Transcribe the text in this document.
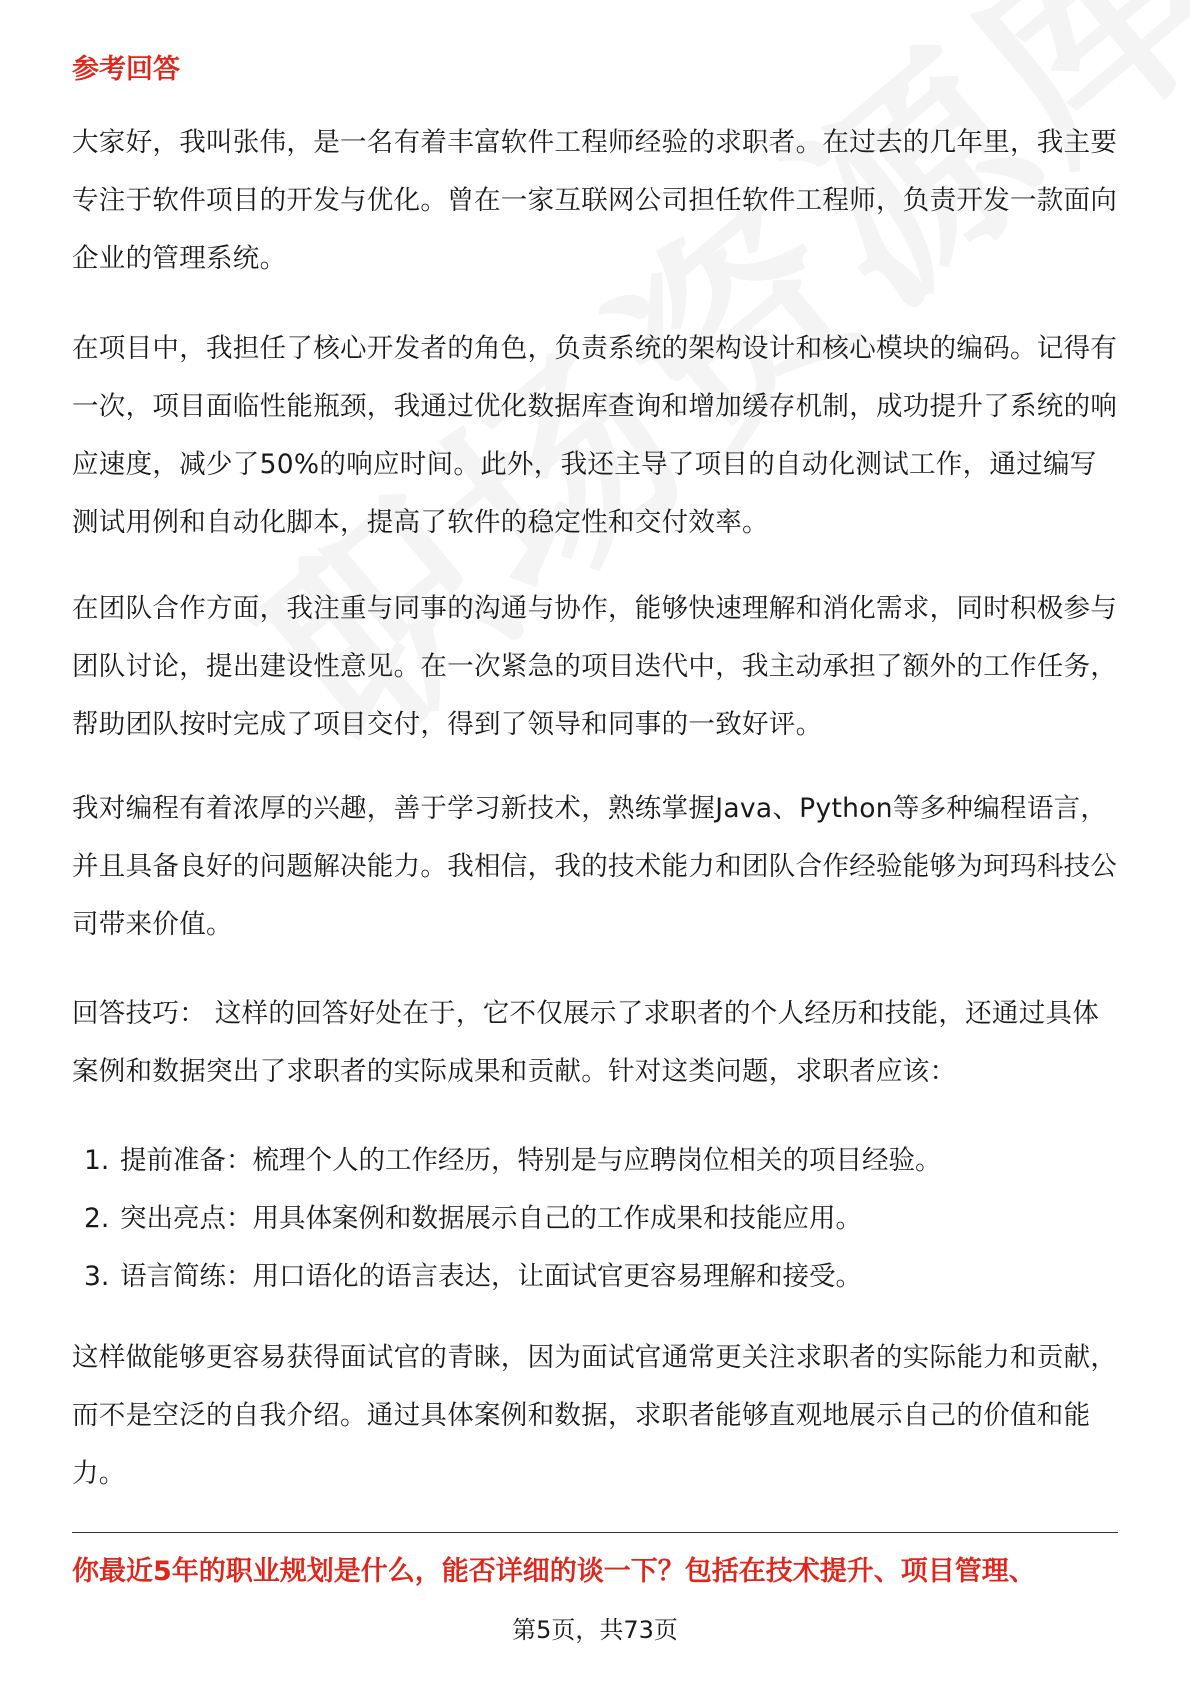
参考回答

大家好，我叫张伟，是一名有着丰富软件工程师经验的求职者。在过去的几年里，我主要专注于软件项目的开发与优化。曾在一家互联网公司担任软件工程师，负责开发一款面向企业的管理系统。

在项目中，我担任了核心开发者的角色，负责系统的架构设计和核心模块的编码。记得有一次，项目面临性能瓶颈，我通过优化数据库查询和增加缓存机制，成功提升了系统的响应速度，减少了50%的响应时间。此外，我还主导了项目的自动化测试工作，通过编写测试用例和自动化脚本，提高了软件的稳定性和交付效率。

在团队合作方面，我注重与同事的沟通与协作，能够快速理解和消化需求，同时积极参与团队讨论，提出建设性意见。在一次紧急的项目迭代中，我主动承担了额外的工作任务，帮助团队按时完成了项目交付，得到了领导和同事的一致好评。

我对编程有着浓厚的兴趣，善于学习新技术，熟练掌握Java、Python等多种编程语言，并且具备良好的问题解决能力。我相信，我的技术能力和团队合作经验能够为珂玛科技公司带来价值。

回答技巧： 这样的回答好处在于，它不仅展示了求职者的个人经历和技能，还通过具体案例和数据突出了求职者的实际成果和贡献。针对这类问题，求职者应该：

1. 提前准备：梳理个人的工作经历，特别是与应聘岗位相关的项目经验。
2. 突出亮点：用具体案例和数据展示自己的工作成果和技能应用。
3. 语言简练：用口语化的语言表达，让面试官更容易理解和接受。

这样做能够更容易获得面试官的青睐，因为面试官通常更关注求职者的实际能力和贡献，而不是空泛的自我介绍。通过具体案例和数据，求职者能够直观地展示自己的价值和能力。

你最近5年的职业规划是什么，能否详细的谈一下？包括在技术提升、项目管理、
第5页，共73页
